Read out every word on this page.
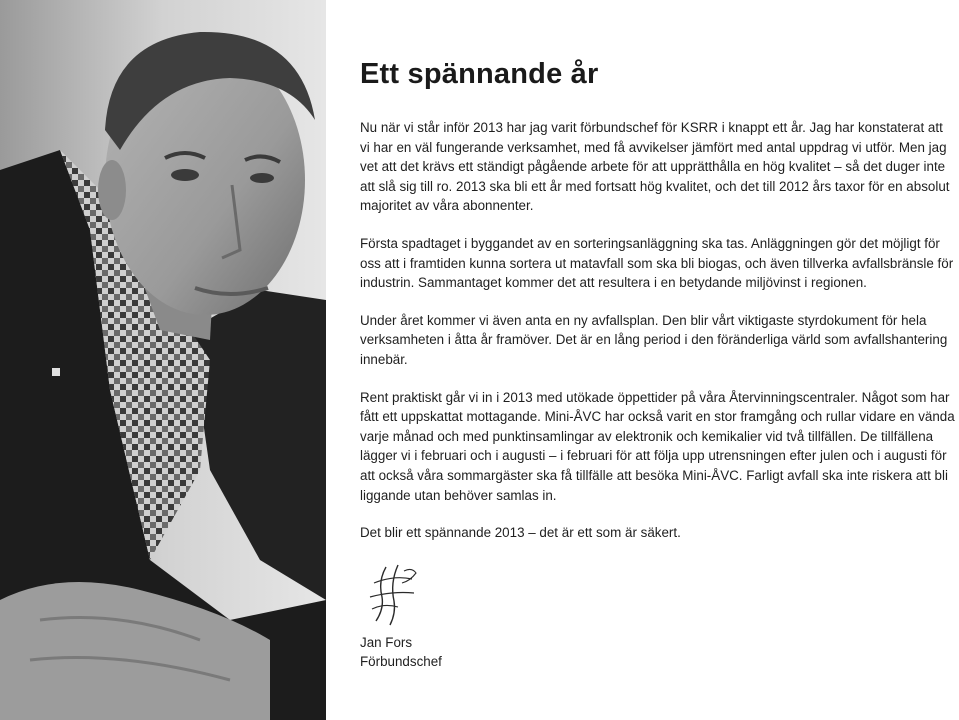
Ett spännande år

Nu när vi står inför 2013 har jag varit förbundschef för KSRR i knappt ett år. Jag har konstaterat att vi har en väl fungerande verksamhet, med få avvikelser jämfört med antal uppdrag vi utför. Men jag vet att det krävs ett ständigt pågående arbete för att upprätthålla en hög kvalitet – så det duger inte att slå sig till ro. 2013 ska bli ett år med fortsatt hög kvalitet, och det till 2012 års taxor för en absolut majoritet av våra abonnenter.

Första spadtaget i byggandet av en sorteringsanläggning ska tas. Anläggningen gör det möjligt för oss att i framtiden kunna sortera ut matavfall som ska bli biogas, och även tillverka avfallsbränsle för industrin. Sammantaget kommer det att resultera i en betydande miljövinst i regionen.

Under året kommer vi även anta en ny avfallsplan. Den blir vårt viktigaste styrdokument för hela verksamheten i åtta år framöver. Det är en lång period i den föränderliga värld som avfallshantering innebär.

Rent praktiskt går vi in i 2013 med utökade öppettider på våra Återvinningscentraler. Något som har fått ett uppskattat mottagande. Mini-ÅVC har också varit en stor framgång och rullar vidare en vända varje månad och med punktinsamlingar av elektronik och kemikalier vid två tillfällen. De tillfällena lägger vi i februari och i augusti – i februari för att följa upp utrensningen efter julen och i augusti för att också våra sommargäster ska få tillfälle att besöka Mini-ÅVC. Farligt avfall ska inte riskera att bli liggande utan behöver samlas in.

Det blir ett spännande 2013 – det är ett som är säkert.

Jan Fors

Förbundschef
